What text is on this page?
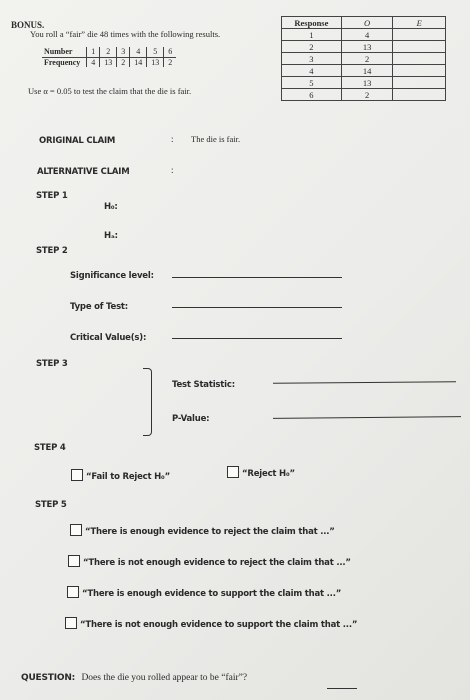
BONUS.
You roll a “fair” die 48 times with the following results.
Number	1	2	3	4	5	6
Frequency	4	13	2	14	13	2
Use α = 0.05 to test the claim that the die is fair.
Response	O	E
1	4	
2	13	
3	2	
4	14	
5	13	
6	2	
ORIGINAL CLAIM	: The die is fair.
ALTERNATIVE CLAIM	:
STEP 1
H₀:
Hₐ:
STEP 2
Significance level:
Type of Test:
Critical Value(s):
STEP 3
Test Statistic:
P-Value:
STEP 4
“Fail to Reject H₀”	“Reject H₀”
STEP 5
“There is enough evidence to reject the claim that ...”
“There is not enough evidence to reject the claim that ...”
“There is enough evidence to support the claim that ...”
“There is not enough evidence to support the claim that ...”
QUESTION: Does the die you rolled appear to be “fair”?
